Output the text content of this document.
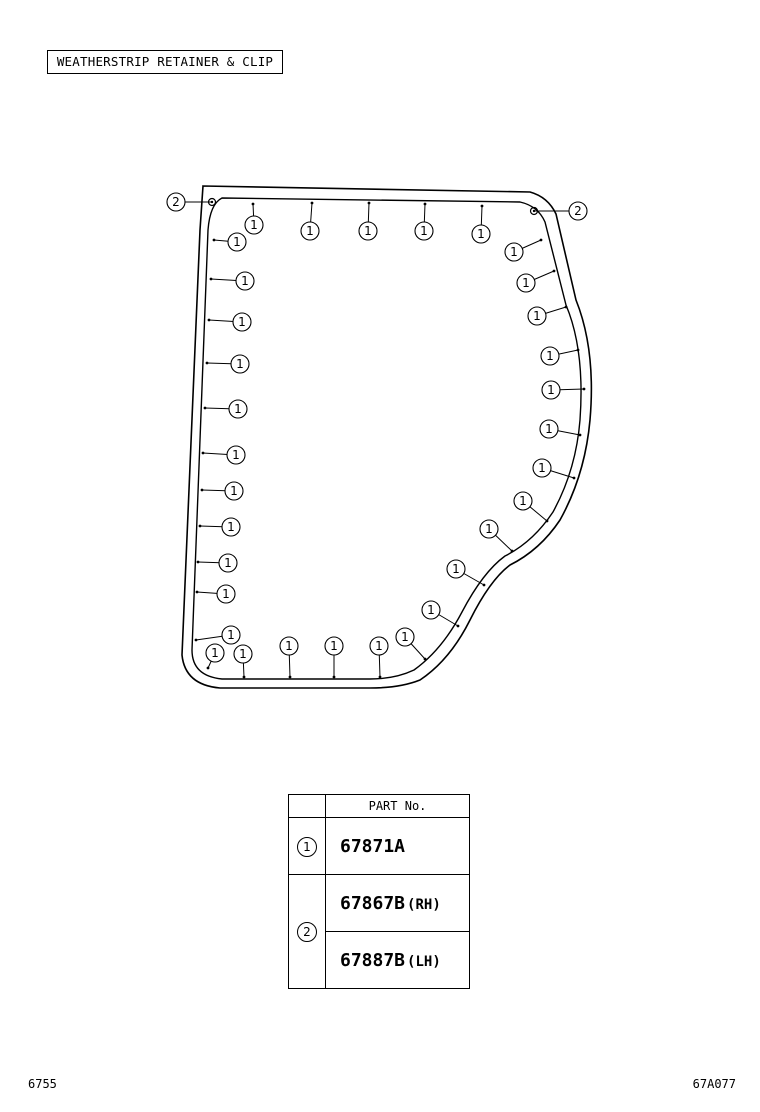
WEATHERSTRIP RETAINER & CLIP
1	1	1	1	1
1
1
1
1
1
1
1
1
1
1
1
1 1
1	1	1
1
1
1
1
1
1
1
1
1
1
1
1
2
2
	PART No.
1	67871A
2	67867B (RH)
	67887B (LH)
6755	67A077
